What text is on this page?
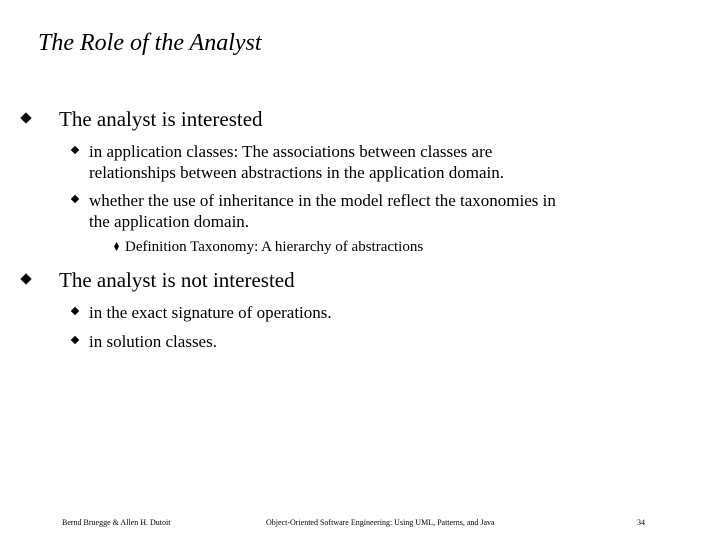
The Role of the Analyst
The analyst is interested
in application classes: The associations between classes are
relationships between abstractions in the application domain.
whether the use of inheritance in the model reflect the taxonomies in
the application domain.
Definition Taxonomy: A hierarchy of abstractions
The analyst is not interested
in the exact signature of operations.
in solution classes.
Bernd Bruegge & Allen H. Dutoit	Object-Oriented Software Engineering: Using UML, Patterns, and Java	34
